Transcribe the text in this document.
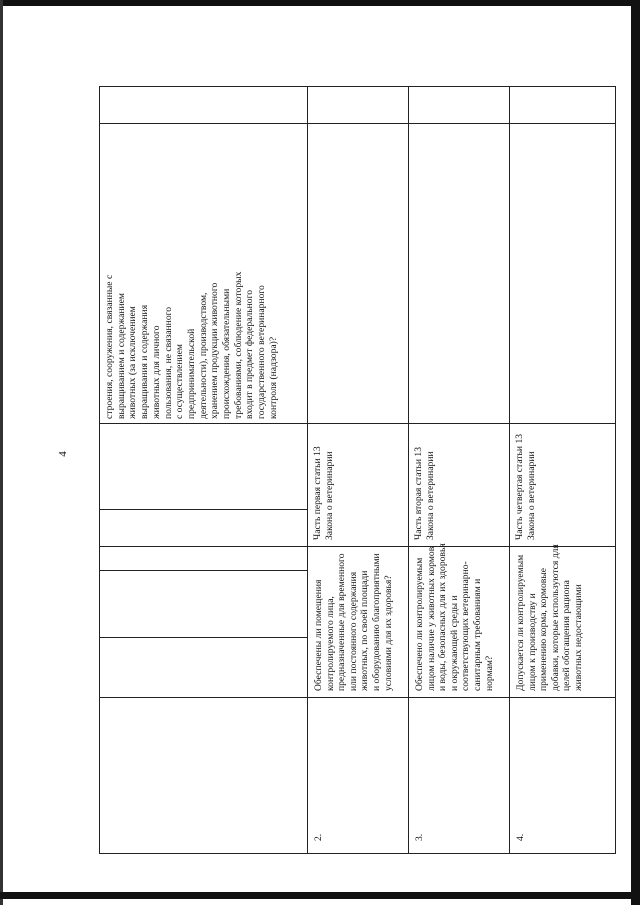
4
строения, сооружения, связанные с выращиванием и содержанием животных (за исключением выращивания и содержания животных для личного пользования, не связанного с осуществлением предпринимательской деятельности), производством, хранением продукции животного происхождения, обязательными требованиями, соблюдение которых входит в предмет федерального государственного ветеринарного контроля (надзора)?
2.
Обеспечены ли помещения контролируемого лица, предназначенные для временного или постоянного содержания животных, по своей площади и оборудованию благоприятными условиями для их здоровья?
Часть первая статьи 13 Закона о ветеринарии
3.
Обеспечено ли контролируемым лицом наличие у животных кормов и воды, безопасных для их здоровья и окружающей среды и соответствующих ветеринарно- санитарным требованиям и нормам?
Часть вторая статьи 13 Закона о ветеринарии
4.
Допускается ли контролируемым лицом к производству и применению корма, кормовые добавки, которые используются для целей обогащения рациона животных недостающими
Часть четвертая статьи 13 Закона о ветеринарии
